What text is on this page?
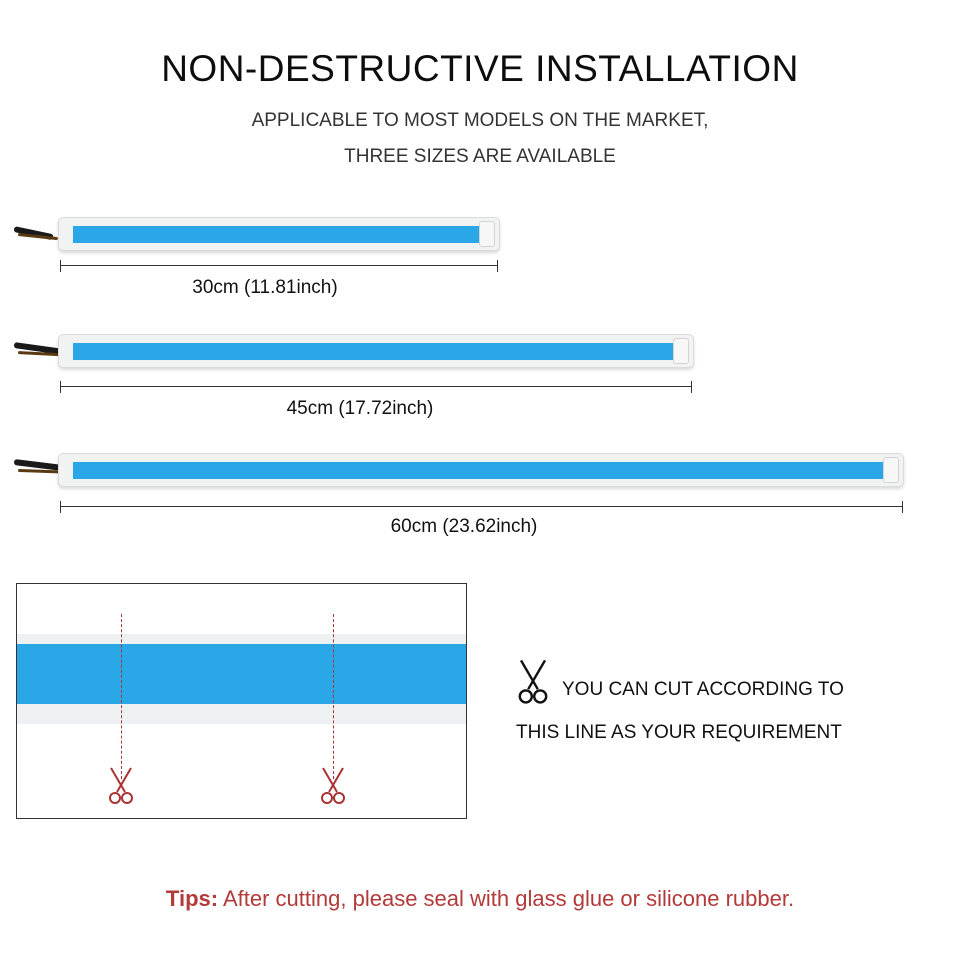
NON-DESTRUCTIVE INSTALLATION
APPLICABLE TO MOST MODELS ON THE MARKET,
THREE SIZES ARE AVAILABLE
30cm (11.81inch)
45cm (17.72inch)
60cm (23.62inch)
YOU CAN CUT ACCORDING TO
THIS LINE AS YOUR REQUIREMENT
Tips: After cutting, please seal with glass glue or silicone rubber.
